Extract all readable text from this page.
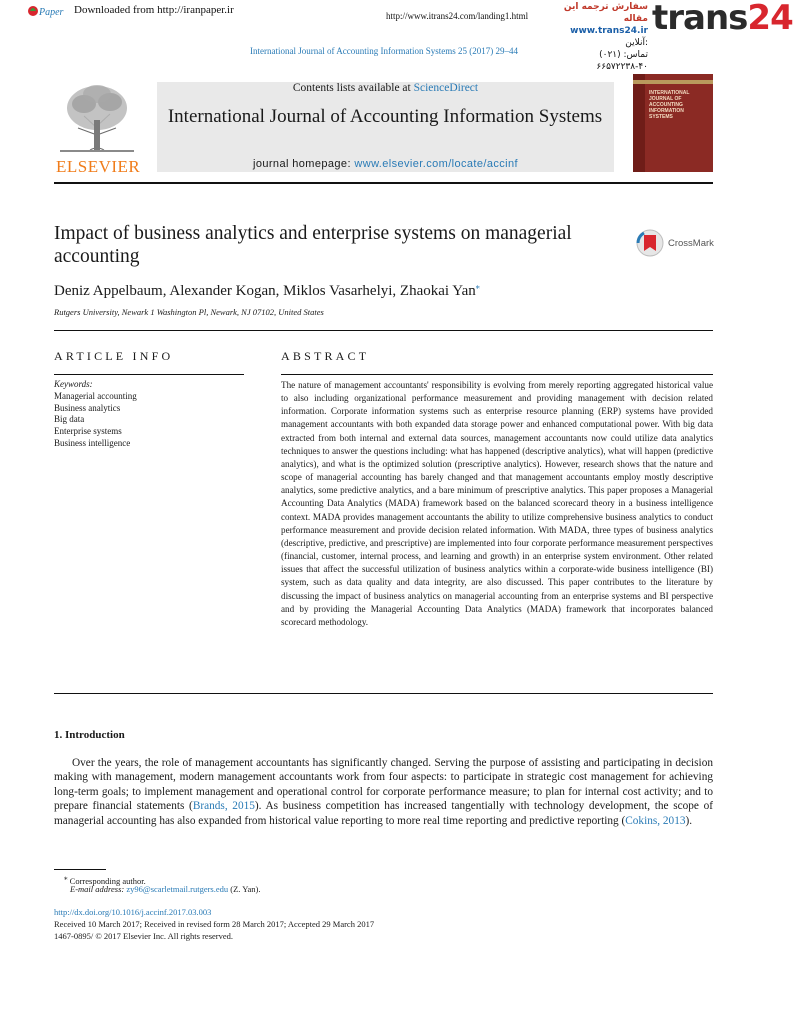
Paper Downloaded from http://iranpaper.ir	http://www.itrans24.com/landing1.html
سفارش ترجمه این مقاله
www.trans24.ir آنلاین:
تماس: (۰۲۱) ۴۰-۶۶۵۷۲۲۳۸
trans24
International Journal of Accounting Information Systems 25 (2017) 29–44
ELSEVIER
Contents lists available at ScienceDirect
International Journal of Accounting Information Systems
journal homepage: www.elsevier.com/locate/accinf
INTERNATIONAL JOURNAL OF ACCOUNTING INFORMATION SYSTEMS
Impact of business analytics and enterprise systems on managerial accounting
CrossMark
Deniz Appelbaum, Alexander Kogan, Miklos Vasarhelyi, Zhaokai Yan⁎
Rutgers University, Newark 1 Washington Pl, Newark, NJ 07102, United States
ARTICLE INFO	ABSTRACT
Keywords:
Managerial accounting
Business analytics
Big data
Enterprise systems
Business intelligence
The nature of management accountants' responsibility is evolving from merely reporting aggregated historical value to also including organizational performance measurement and providing management with decision related information. Corporate information systems such as enterprise resource planning (ERP) systems have provided management accountants with both expanded data storage power and enhanced computational power. With big data extracted from both internal and external data sources, management accountants now could utilize data analytics techniques to answer the questions including: what has happened (descriptive analytics), what will happen (predictive analytics), and what is the optimized solution (prescriptive analytics). However, research shows that the nature and scope of managerial accounting has barely changed and that management accountants employ mostly descriptive analytics, some predictive analytics, and a bare minimum of prescriptive analytics. This paper proposes a Managerial Accounting Data Analytics (MADA) framework based on the balanced scorecard theory in a business intelligence context. MADA provides management accountants the ability to utilize comprehensive business analytics to conduct performance measurement and provide decision related information. With MADA, three types of business analytics (descriptive, predictive, and prescriptive) are implemented into four corporate performance measurement perspectives (financial, customer, internal process, and learning and growth) in an enterprise system environment. Other related issues that affect the successful utilization of business analytics within a corporate-wide business intelligence (BI) system, such as data quality and data integrity, are also discussed. This paper contributes to the literature by discussing the impact of business analytics on managerial accounting from an enterprise systems and BI perspective and by providing the Managerial Accounting Data Analytics (MADA) framework that incorporates balanced scorecard methodology.
1. Introduction
Over the years, the role of management accountants has significantly changed. Serving the purpose of assisting and participating in decision making with management, modern management accountants work from four aspects: to participate in strategic cost management for achieving long-term goals; to implement management and operational control for corporate performance measure; to plan for internal cost activity; and to prepare financial statements (Brands, 2015). As business competition has increased tangentially with technology development, the scope of managerial accounting has also expanded from historical value reporting to more real time reporting and predictive reporting (Cokins, 2013).
⁎ Corresponding author.
E-mail address: zy96@scarletmail.rutgers.edu (Z. Yan).
http://dx.doi.org/10.1016/j.accinf.2017.03.003
Received 10 March 2017; Received in revised form 28 March 2017; Accepted 29 March 2017
1467-0895/ © 2017 Elsevier Inc. All rights reserved.
